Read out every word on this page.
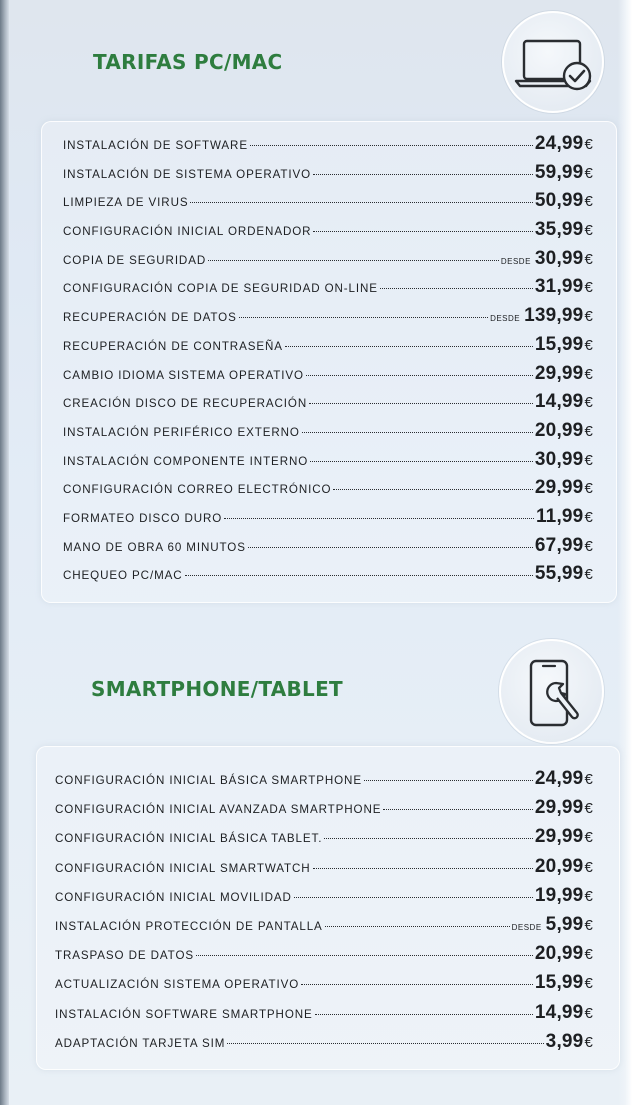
TARIFAS PC/MAC
INSTALACIÓN DE SOFTWARE	24,99€
INSTALACIÓN DE SISTEMA OPERATIVO	59,99€
LIMPIEZA DE VIRUS	50,99€
CONFIGURACIÓN INICIAL ORDENADOR	35,99€
COPIA DE SEGURIDAD	DESDE 30,99€
CONFIGURACIÓN COPIA DE SEGURIDAD ON-LINE	31,99€
RECUPERACIÓN DE DATOS	DESDE 139,99€
RECUPERACIÓN DE CONTRASEÑA	15,99€
CAMBIO IDIOMA SISTEMA OPERATIVO	29,99€
CREACIÓN DISCO DE RECUPERACIÓN	14,99€
INSTALACIÓN PERIFÉRICO EXTERNO	20,99€
INSTALACIÓN COMPONENTE INTERNO	30,99€
CONFIGURACIÓN CORREO ELECTRÓNICO	29,99€
FORMATEO DISCO DURO	11,99€
MANO DE OBRA 60 MINUTOS	67,99€
CHEQUEO PC/MAC	55,99€
SMARTPHONE/TABLET
CONFIGURACIÓN INICIAL BÁSICA SMARTPHONE	24,99€
CONFIGURACIÓN INICIAL AVANZADA SMARTPHONE	29,99€
CONFIGURACIÓN INICIAL BÁSICA TABLET.	29,99€
CONFIGURACIÓN INICIAL SMARTWATCH	20,99€
CONFIGURACIÓN INICIAL MOVILIDAD	19,99€
INSTALACIÓN PROTECCIÓN DE PANTALLA	DESDE 5,99€
TRASPASO DE DATOS	20,99€
ACTUALIZACIÓN SISTEMA OPERATIVO	15,99€
INSTALACIÓN SOFTWARE SMARTPHONE	14,99€
ADAPTACIÓN TARJETA SIM	3,99€
